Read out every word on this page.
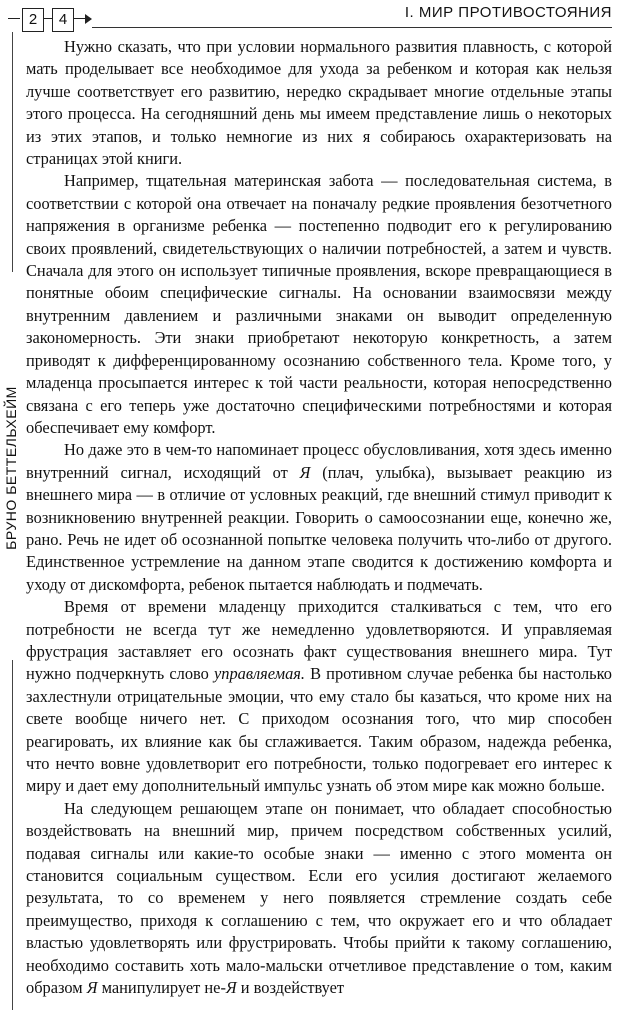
2	4	I. МИР ПРОТИВОСТОЯНИЯ
БРУНО БЕТТЕЛЬХЕЙМ

Нужно сказать, что при условии нормального развития плавность, с которой мать проделывает все необходимое для ухода за ребенком и которая как нельзя лучше соответствует его развитию, нередко скрадывает многие отдельные этапы этого процесса. На сегодняшний день мы имеем представление лишь о некоторых из этих этапов, и только немногие из них я собираюсь охарактеризовать на страницах этой книги.

Например, тщательная материнская забота — последовательная система, в соответствии с которой она отвечает на поначалу редкие проявления безотчетного напряжения в организме ребенка — постепенно подводит его к регулированию своих проявлений, свидетельствующих о наличии потребностей, а затем и чувств. Сначала для этого он использует типичные проявления, вскоре превращающиеся в понятные обоим специфические сигналы. На основании взаимосвязи между внутренним давлением и различными знаками он выводит определенную закономерность. Эти знаки приобретают некоторую конкретность, а затем приводят к дифференцированному осознанию собственного тела. Кроме того, у младенца просыпается интерес к той части реальности, которая непосредственно связана с его теперь уже достаточно специфическими потребностями и которая обеспечивает ему комфорт.

Но даже это в чем-то напоминает процесс обусловливания, хотя здесь именно внутренний сигнал, исходящий от Я (плач, улыбка), вызывает реакцию из внешнего мира — в отличие от условных реакций, где внешний стимул приводит к возникновению внутренней реакции. Говорить о самоосознании еще, конечно же, рано. Речь не идет об осознанной попытке человека получить что-либо от другого. Единственное устремление на данном этапе сводится к достижению комфорта и уходу от дискомфорта, ребенок пытается наблюдать и подмечать.

Время от времени младенцу приходится сталкиваться с тем, что его потребности не всегда тут же немедленно удовлетворяются. И управляемая фрустрация заставляет его осознать факт существования внешнего мира. Тут нужно подчеркнуть слово управляемая. В противном случае ребенка бы настолько захлестнули отрицательные эмоции, что ему стало бы казаться, что кроме них на свете вообще ничего нет. С приходом осознания того, что мир способен реагировать, их влияние как бы сглаживается. Таким образом, надежда ребенка, что нечто вовне удовлетворит его потребности, только подогревает его интерес к миру и дает ему дополнительный импульс узнать об этом мире как можно больше.

На следующем решающем этапе он понимает, что обладает способностью воздействовать на внешний мир, причем посредством собственных усилий, подавая сигналы или какие-то особые знаки — именно с этого момента он становится социальным существом. Если его усилия достигают желаемого результата, то со временем у него появляется стремление создать себе преимущество, приходя к соглашению с тем, что окружает его и что обладает властью удовлетворять или фрустрировать. Чтобы прийти к такому соглашению, необходимо составить хоть мало-мальски отчетливое представление о том, каким образом Я манипулирует не-Я и воздействует
